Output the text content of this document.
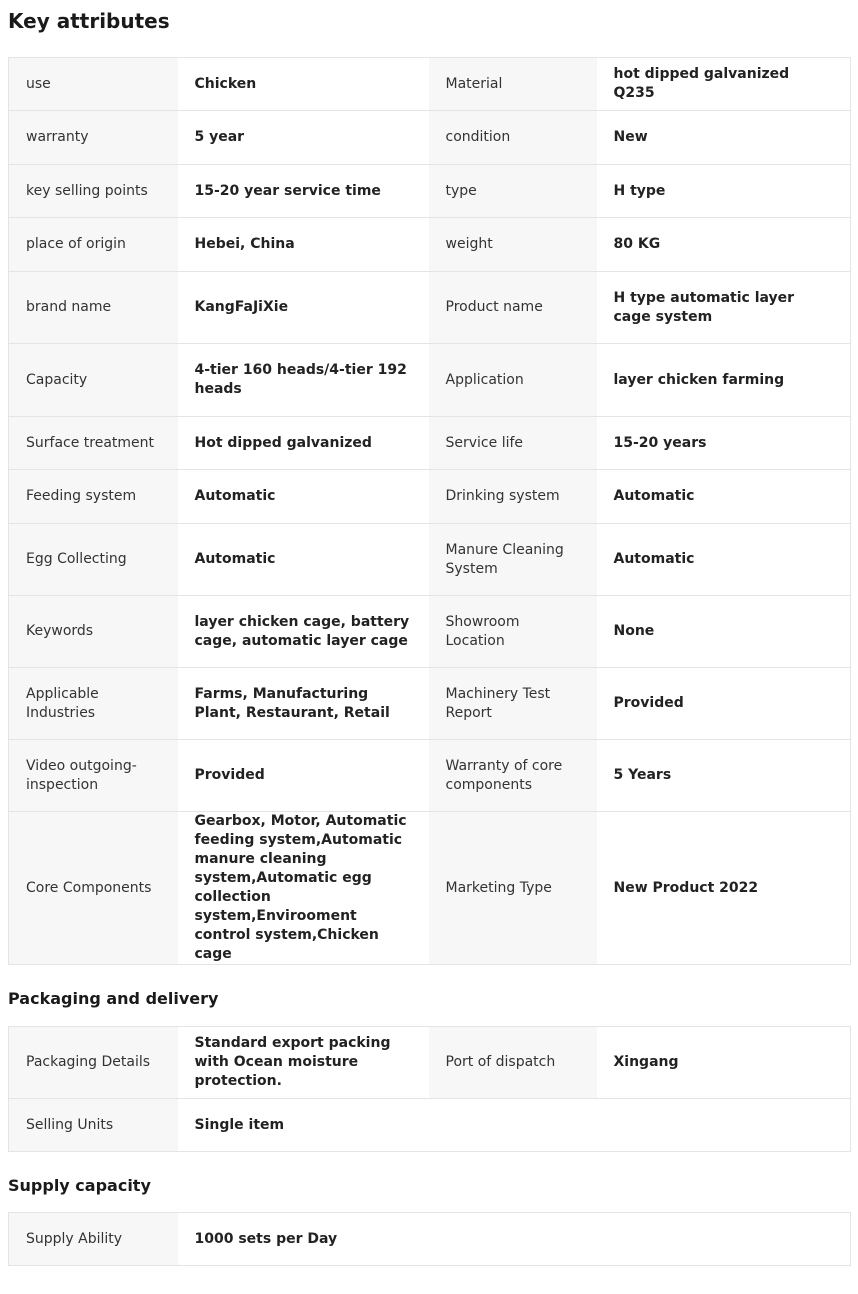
Key attributes
use	Chicken	Material	hot dipped galvanized Q235
warranty	5 year	condition	New
key selling points	15-20 year service time	type	H type
place of origin	Hebei, China	weight	80 KG
brand name	KangFaJiXie	Product name	H type automatic layer cage system
Capacity	4-tier 160 heads/4-tier 192 heads	Application	layer chicken farming
Surface treatment	Hot dipped galvanized	Service life	15-20 years
Feeding system	Automatic	Drinking system	Automatic
Egg Collecting	Automatic	Manure Cleaning System	Automatic
Keywords	layer chicken cage, battery cage, automatic layer cage	Showroom Location	None
Applicable Industries	Farms, Manufacturing Plant, Restaurant, Retail	Machinery Test Report	Provided
Video outgoing-inspection	Provided	Warranty of core components	5 Years
Core Components	Gearbox, Motor, Automatic feeding system,Automatic manure cleaning system,Automatic egg collection system,Envirooment control system,Chicken cage	Marketing Type	New Product 2022
Packaging and delivery
Packaging Details	Standard export packing with Ocean moisture protection.	Port of dispatch	Xingang
Selling Units	Single item		
Supply capacity
Supply Ability	1000 sets per Day
